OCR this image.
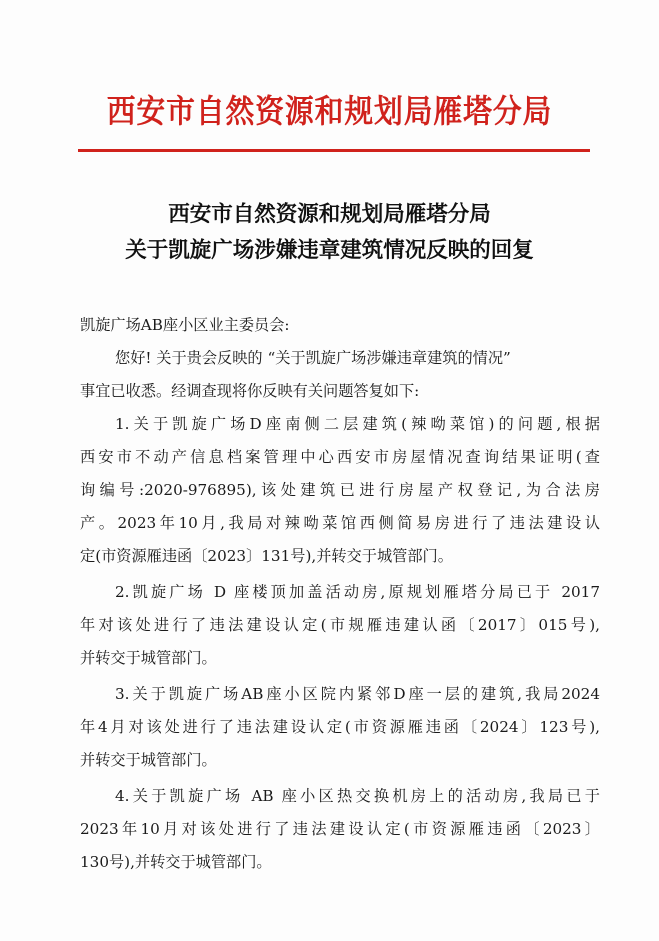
西安市自然资源和规划局雁塔分局
西安市自然资源和规划局雁塔分局
关于凯旋广场涉嫌违章建筑情况反映的回复
凯旋广场AB座小区业主委员会:
您好! 关于贵会反映的 “关于凯旋广场涉嫌违章建筑的情况”
事宜已收悉。经调查现将你反映有关问题答复如下:
1.关于凯旋广场D座南侧二层建筑(辣呦菜馆)的问题,根据
西安市不动产信息档案管理中心西安市房屋情况查询结果证明(查
询编号:2020-976895),该处建筑已进行房屋产权登记,为合法房
产。2023年10月,我局对辣呦菜馆西侧简易房进行了违法建设认
定(市资源雁违函〔2023〕131号),并转交于城管部门。
2.凯旋广场 D 座楼顶加盖活动房,原规划雁塔分局已于 2017
年对该处进行了违法建设认定(市规雁违建认函〔2017〕015号),
并转交于城管部门。
3.关于凯旋广场AB座小区院内紧邻D座一层的建筑,我局2024
年4月对该处进行了违法建设认定(市资源雁违函〔2024〕123号),
并转交于城管部门。
4.关于凯旋广场 AB 座小区热交换机房上的活动房,我局已于
2023年10月对该处进行了违法建设认定(市资源雁违函〔2023〕
130号),并转交于城管部门。
